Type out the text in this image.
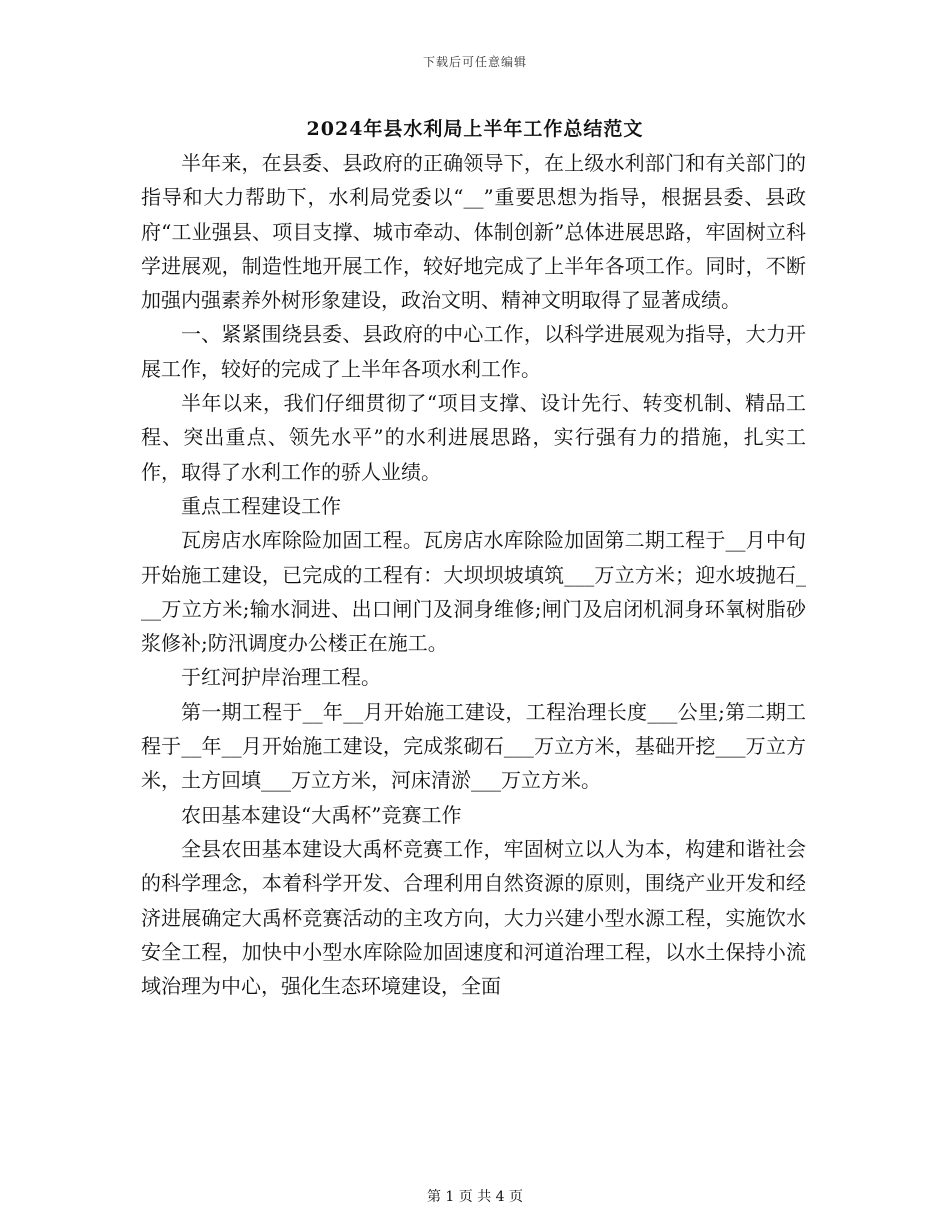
下载后可任意编辑
2024年县水利局上半年工作总结范文

半年来，在县委、县政府的正确领导下，在上级水利部门和有关部门的指导和大力帮助下，水利局党委以“__”重要思想为指导，根据县委、县政府“工业强县、项目支撑、城市牵动、体制创新”总体进展思路，牢固树立科学进展观，制造性地开展工作，较好地完成了上半年各项工作。同时，不断加强内强素养外树形象建设，政治文明、精神文明取得了显著成绩。

一、紧紧围绕县委、县政府的中心工作，以科学进展观为指导，大力开展工作，较好的完成了上半年各项水利工作。

半年以来，我们仔细贯彻了“项目支撑、设计先行、转变机制、精品工程、突出重点、领先水平”的水利进展思路，实行强有力的措施，扎实工作，取得了水利工作的骄人业绩。

重点工程建设工作

瓦房店水库除险加固工程。瓦房店水库除险加固第二期工程于__月中旬开始施工建设，已完成的工程有：大坝坝坡填筑___万立方米；迎水坡抛石___万立方米;输水洞进、出口闸门及洞身维修;闸门及启闭机洞身环氧树脂砂浆修补;防汛调度办公楼正在施工。

于红河护岸治理工程。

第一期工程于__年__月开始施工建设，工程治理长度___公里;第二期工程于__年__月开始施工建设，完成浆砌石___万立方米，基础开挖___万立方米，土方回填___万立方米，河床清淤___万立方米。

农田基本建设“大禹杯”竞赛工作

全县农田基本建设大禹杯竞赛工作，牢固树立以人为本，构建和谐社会的科学理念，本着科学开发、合理利用自然资源的原则，围绕产业开发和经济进展确定大禹杯竞赛活动的主攻方向，大力兴建小型水源工程，实施饮水安全工程，加快中小型水库除险加固速度和河道治理工程，以水土保持小流域治理为中心，强化生态环境建设，全面

第 1 页 共 4 页
